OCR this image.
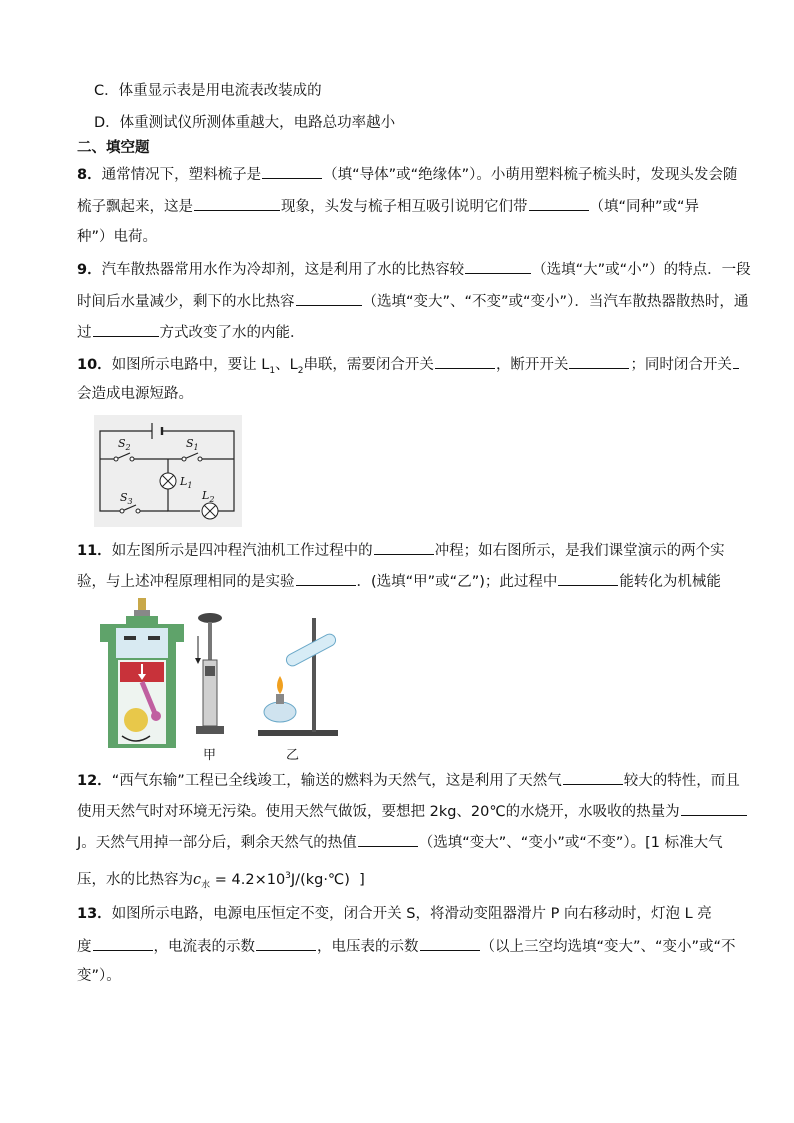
C．体重显示表是用电流表改装成的
D．体重测试仪所测体重越大，电路总功率越小
二、填空题
8．通常情况下，塑料梳子是	（填“导体”或“绝缘体”）。小萌用塑料梳子梳头时，发现头发会随
梳子飘起来，这是	现象，头发与梳子相互吸引说明它们带	（填“同种”或“异
种”）电荷。
9．汽车散热器常用水作为冷却剂，这是利用了水的比热容较	（选填“大”或“小”）的特点．一段
时间后水量减少，剩下的水比热容	（选填“变大”、“不变”或“变小”）．当汽车散热器散热时，通
过	方式改变了水的内能．
10．如图所示电路中，要让 $L_1$、$L_2$串联，需要闭合开关	，断开开关	；同时闭合开关
会造成电源短路。
$S_2$	$S_1$
$S_3$
$L_1$
$L_2$
11．如左图所示是四冲程汽油机工作过程中的	冲程；如右图所示，是我们课堂演示的两个实
验，与上述冲程原理相同的是实验	．(选填“甲”或“乙”)；此过程中	能转化为机械能
甲	乙
12．“西气东输”工程已全线竣工，输送的燃料为天然气，这是利用了天然气	较大的特性，而且
使用天然气时对环境无污染。使用天然气做饭，要想把 2kg、20℃的水烧开，水吸收的热量为
J。天然气用掉一部分后，剩余天然气的热值	（选填“变大”、“变小”或“不变”）。[1 标准大气
压，水的比热容为$c_水$ = $4.2\times 10^3J/(kg\cdot℃)$ ]
13．如图所示电路，电源电压恒定不变，闭合开关 S，将滑动变阻器滑片 P 向右移动时，灯泡 L 亮
度	，电流表的示数	，电压表的示数	（以上三空均选填“变大”、“变小”或“不
变”）。
